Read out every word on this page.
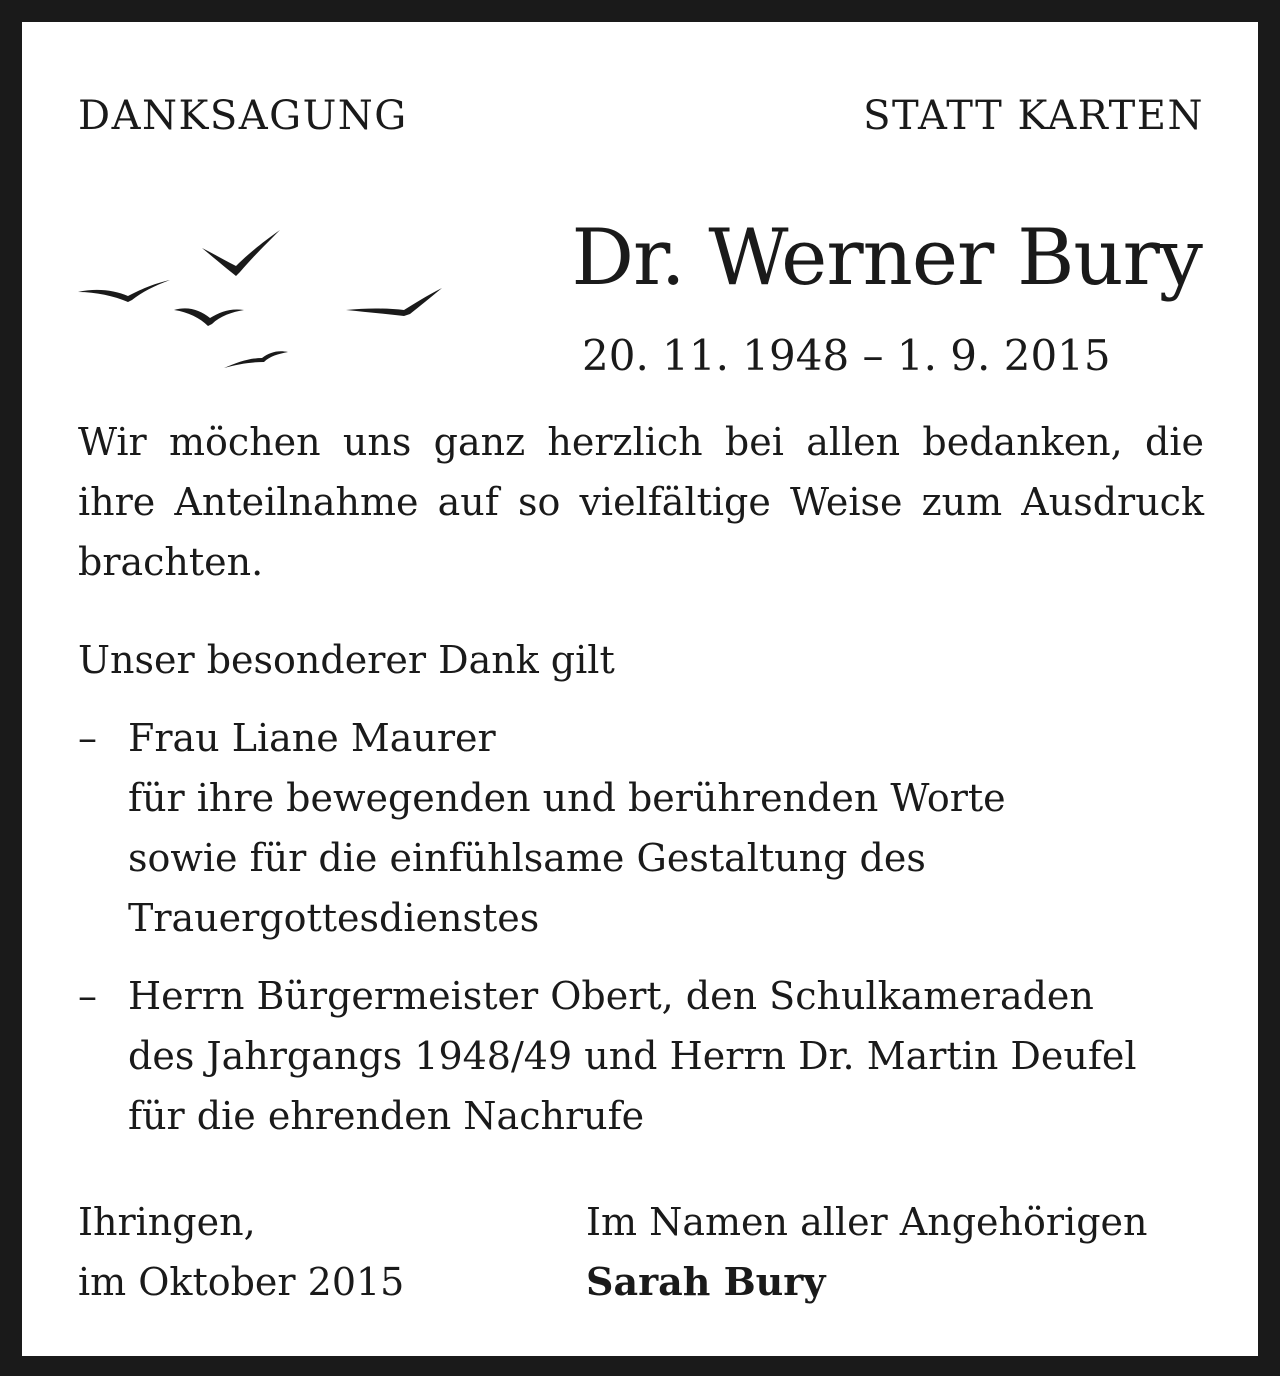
DANKSAGUNG	STATT KARTEN
Dr. Werner Bury
20. 11. 1948 – 1. 9. 2015
Wir möchen uns ganz herzlich bei allen bedanken, die ihre Anteilnahme auf so vielfältige Weise zum Ausdruck brachten.
Unser besonderer Dank gilt
– Frau Liane Maurer
für ihre bewegenden und berührenden Worte
sowie für die einfühlsame Gestaltung des
Trauergottesdienstes
– Herrn Bürgermeister Obert, den Schulkameraden
des Jahrgangs 1948/49 und Herrn Dr. Martin Deufel
für die ehrenden Nachrufe
Ihringen,
im Oktober 2015
Im Namen aller Angehörigen
Sarah Bury
